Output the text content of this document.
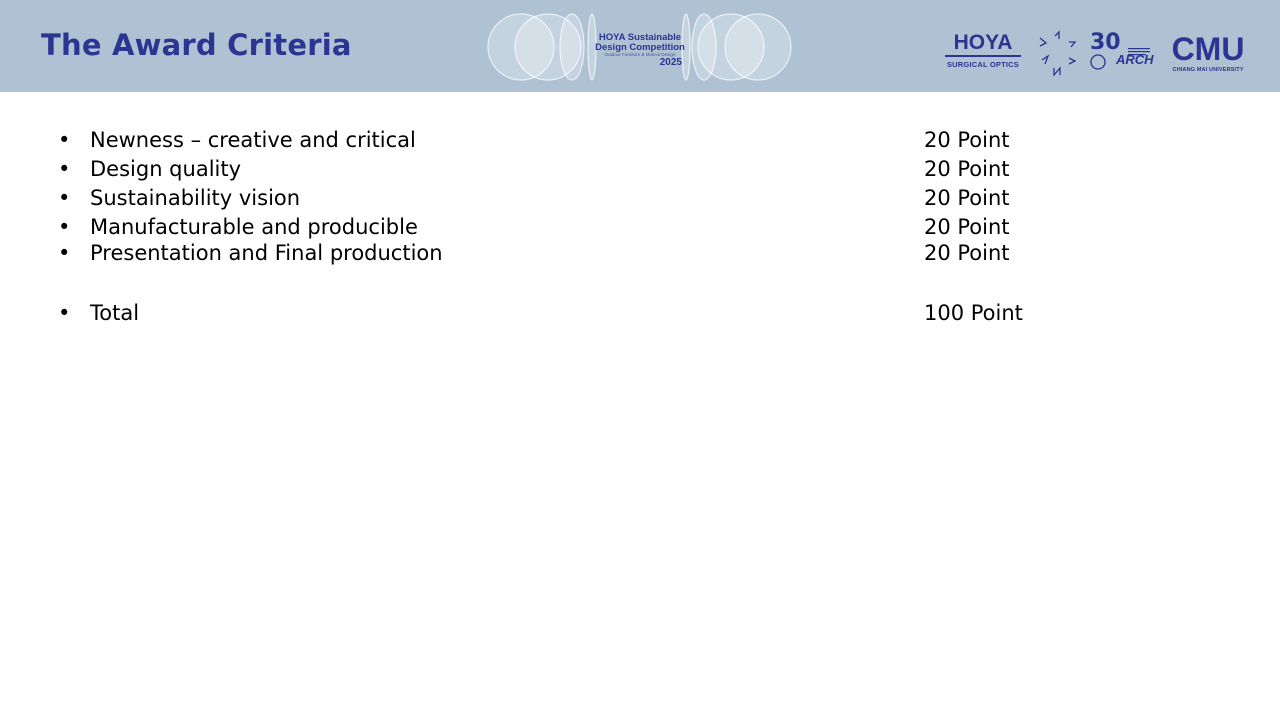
The Award Criteria	HOYA Sustainable
Design Competition
Outdoor Furniture & Mascot Design
2025
HOYA
SURGICAL OPTICS
30
ARCH CMU
CHIANG MAI UNIVERSITY
• Newness – creative and critical	20 Point
• Design quality	20 Point
• Sustainability vision	20 Point
• Manufacturable and producible	20 Point
• Presentation and Final production	20 Point
• Total	100 Point
